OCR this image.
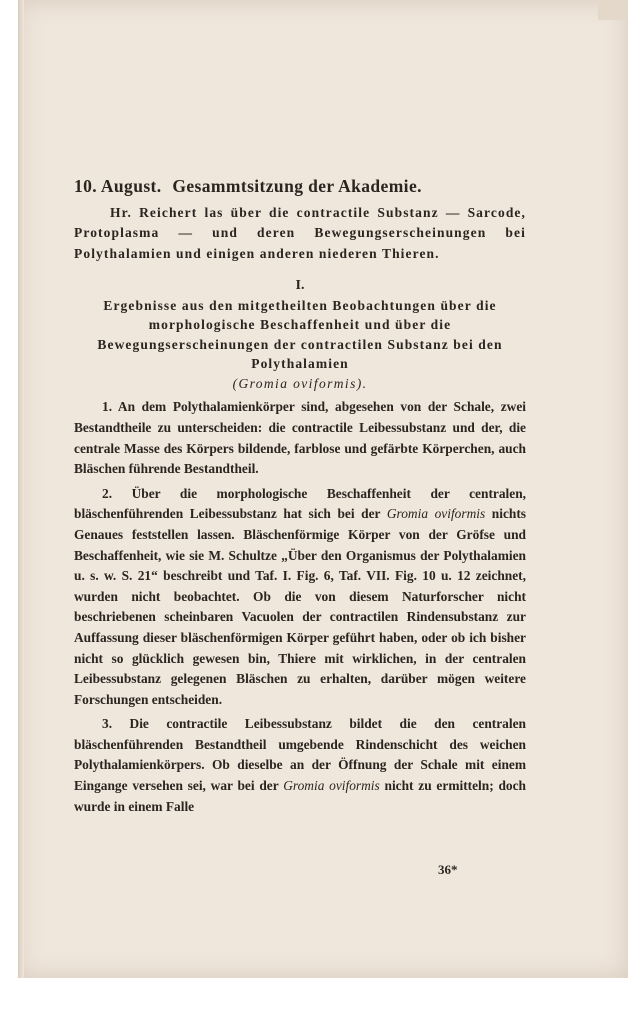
10. August. Gesammtsitzung der Akademie.

Hr. Reichert las über die contractile Substanz — Sarcode, Protoplasma — und deren Bewegungserscheinungen bei Polythalamien und einigen anderen niederen Thieren.

I.

Ergebnisse aus den mitgetheilten Beobachtungen über die morphologische Beschaffenheit und über die Bewegungserscheinungen der contractilen Substanz bei den Polythalamien
(Gromia oviformis).

1. An dem Polythalamienkörper sind, abgesehen von der Schale, zwei Bestandtheile zu unterscheiden: die contractile Leibessubstanz und der, die centrale Masse des Körpers bildende, farblose und gefärbte Körperchen, auch Bläschen führende Bestandtheil.

2. Über die morphologische Beschaffenheit der centralen, bläschenführenden Leibessubstanz hat sich bei der Gromia oviformis nichts Genaues feststellen lassen. Bläschenförmige Körper von der Gröfse und Beschaffenheit, wie sie M. Schultze „Über den Organismus der Polythalamien u. s. w. S. 21“ beschreibt und Taf. I. Fig. 6, Taf. VII. Fig. 10 u. 12 zeichnet, wurden nicht beobachtet. Ob die von diesem Naturforscher nicht beschriebenen scheinbaren Vacuolen der contractilen Rindensubstanz zur Auffassung dieser bläschenförmigen Körper geführt haben, oder ob ich bisher nicht so glücklich gewesen bin, Thiere mit wirklichen, in der centralen Leibessubstanz gelegenen Bläschen zu erhalten, darüber mögen weitere Forschungen entscheiden.

3. Die contractile Leibessubstanz bildet die den centralen bläschenführenden Bestandtheil umgebende Rindenschicht des weichen Polythalamienkörpers. Ob dieselbe an der Öffnung der Schale mit einem Eingange versehen sei, war bei der Gromia oviformis nicht zu ermitteln; doch wurde in einem Falle

36*
